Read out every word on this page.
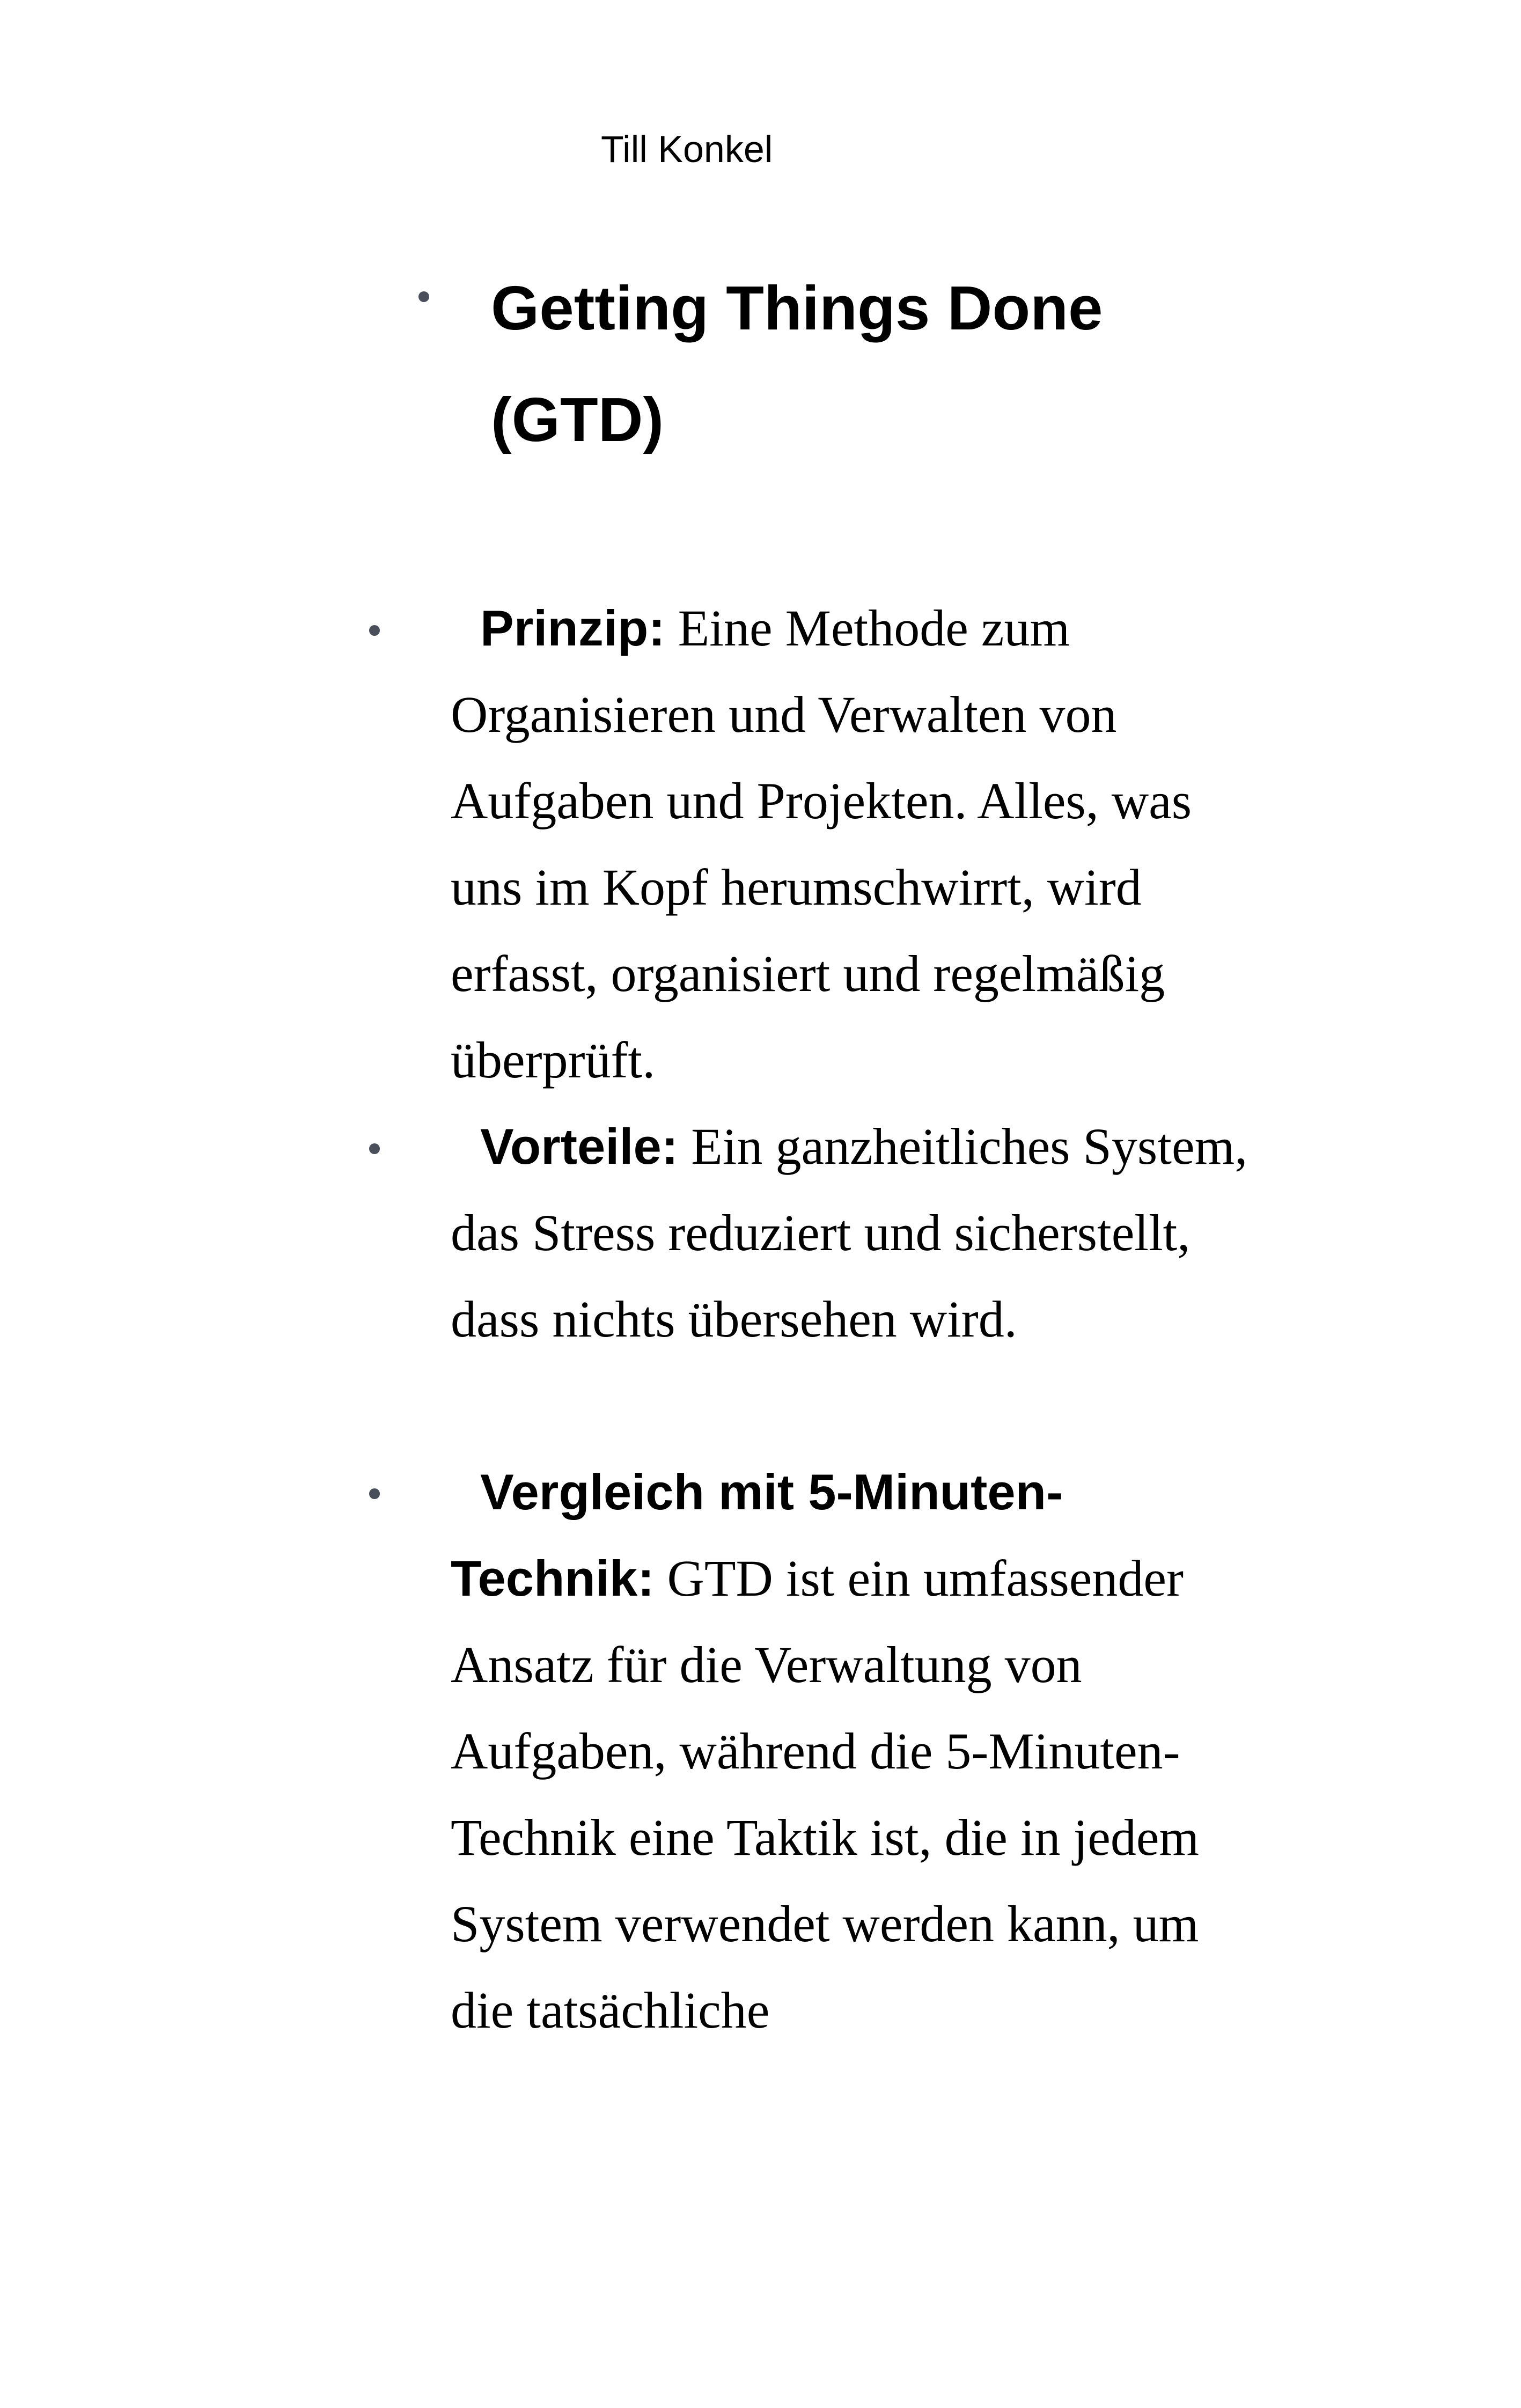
Till Konkel

Getting Things Done (GTD)

Prinzip: Eine Methode zum Organisieren und Verwalten von Aufgaben und Projekten. Alles, was uns im Kopf herumschwirrt, wird erfasst, organisiert und regelmäßig überprüft.

Vorteile: Ein ganzheitliches System, das Stress reduziert und sicherstellt, dass nichts übersehen wird.

Vergleich mit 5-Minuten-Technik: GTD ist ein umfassender Ansatz für die Verwaltung von Aufgaben, während die 5-Minuten-Technik eine Taktik ist, die in jedem System verwendet werden kann, um die tatsächliche
